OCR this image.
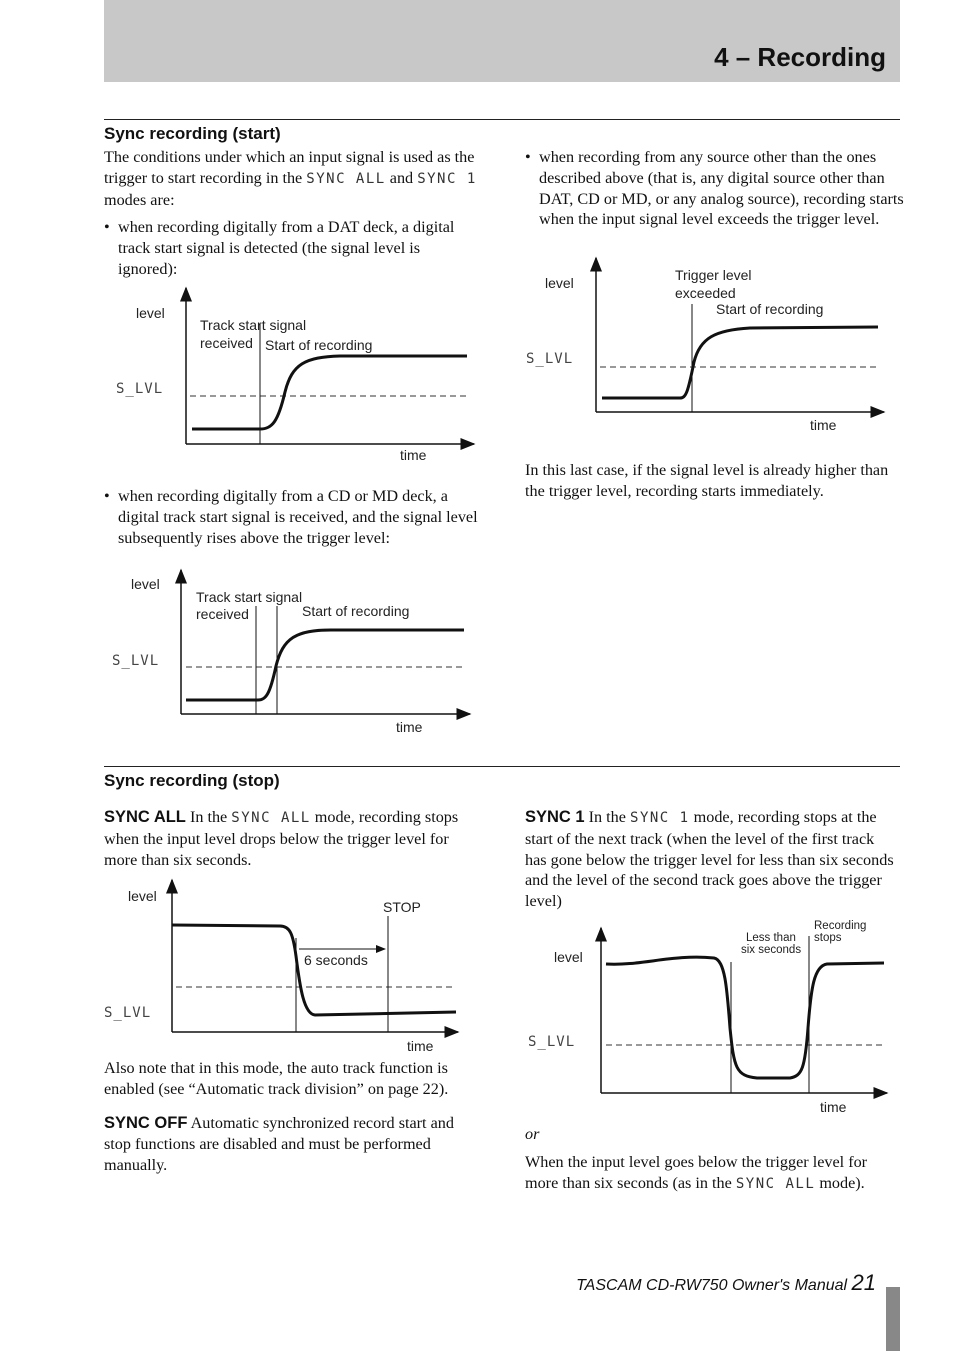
4 – Recording
Sync recording (start)
The conditions under which an input signal is used as the trigger to start recording in the SYNC ALL and SYNC 1 modes are:
• when recording digitally from a DAT deck, a digital track start signal is detected (the signal level is ignored):
level
S_LVL
time
Track start signal
received Start of recording
• when recording digitally from a CD or MD deck, a digital track start signal is received, and the signal level subsequently rises above the trigger level:
level
S_LVL
time
Track start signal
received	Start of recording
• when recording from any source other than the ones described above (that is, any digital source other than DAT, CD or MD, or any analog source), recording starts when the input signal level exceeds the trigger level.
level
S_LVL
time
Trigger level
exceeded
Start of recording
In this last case, if the signal level is already higher than the trigger level, recording starts immediately.
Sync recording (stop)
SYNC ALL In the SYNC ALL mode, recording stops when the input level drops below the trigger level for more than six seconds.
level
S_LVL
time
STOP
6 seconds
Also note that in this mode, the auto track function is enabled (see “Automatic track division” on page 22).
SYNC OFF Automatic synchronized record start and stop functions are disabled and must be performed manually.
SYNC 1 In the SYNC 1 mode, recording stops at the start of the next track (when the level of the first track has gone below the trigger level for less than six seconds and the level of the second track goes above the trigger level)
level
S_LVL
time
Less than
six seconds
Recording
stops
or
When the input level goes below the trigger level for more than six seconds (as in the SYNC ALL mode).
TASCAM CD-RW750 Owner's Manual 21
